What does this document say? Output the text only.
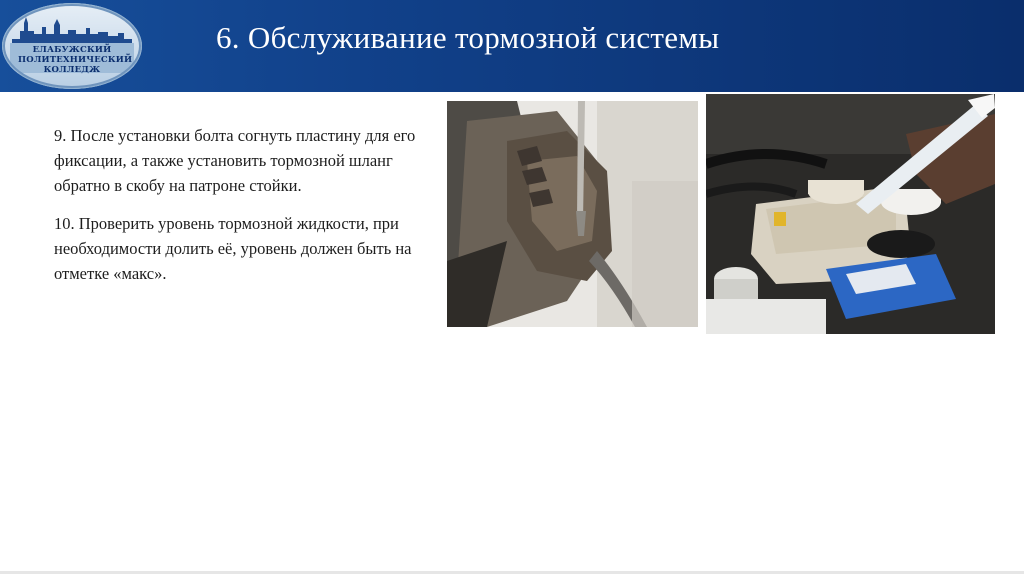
ЕЛАБУЖСКИЙ
ПОЛИТЕХНИЧЕСКИЙ
КОЛЛЕДЖ
6. Обслуживание тормозной системы

9. После установки болта согнуть пластину для его фиксации, а также установить тормозной шланг обратно в скобу на патроне стойки.

10. Проверить уровень тормозной жидкости, при необходимости долить её, уровень должен быть на отметке «макс».
